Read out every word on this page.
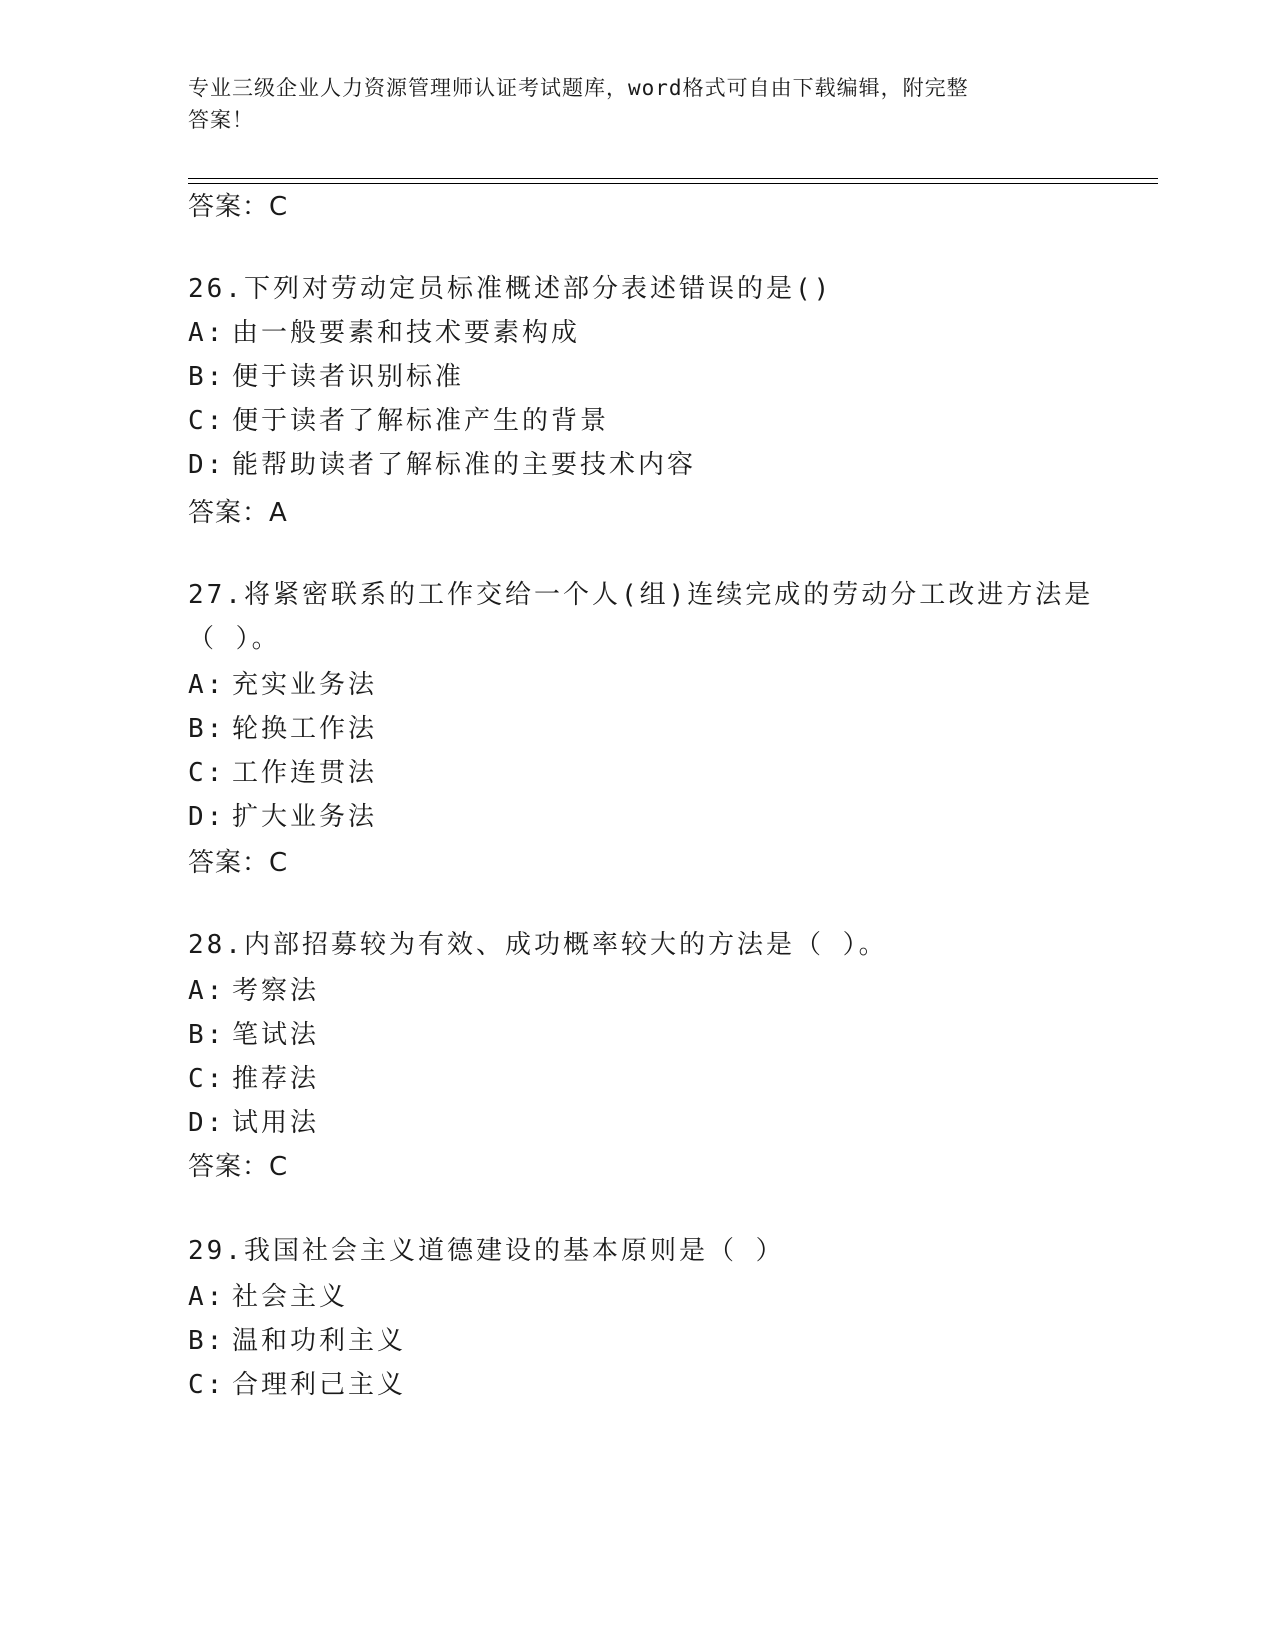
专业三级企业人力资源管理师认证考试题库，word格式可自由下载编辑，附完整
答案！
答案：C
26.下列对劳动定员标准概述部分表述错误的是()
A: 由一般要素和技术要素构成
B: 便于读者识别标准
C: 便于读者了解标准产生的背景
D: 能帮助读者了解标准的主要技术内容
答案：A
27.将紧密联系的工作交给一个人(组)连续完成的劳动分工改进方法是
（ ）。
A: 充实业务法
B: 轮换工作法
C: 工作连贯法
D: 扩大业务法
答案：C
28.内部招募较为有效、成功概率较大的方法是（ ）。
A: 考察法
B: 笔试法
C: 推荐法
D: 试用法
答案：C
29.我国社会主义道德建设的基本原则是（ ）
A: 社会主义
B: 温和功利主义
C: 合理利己主义
